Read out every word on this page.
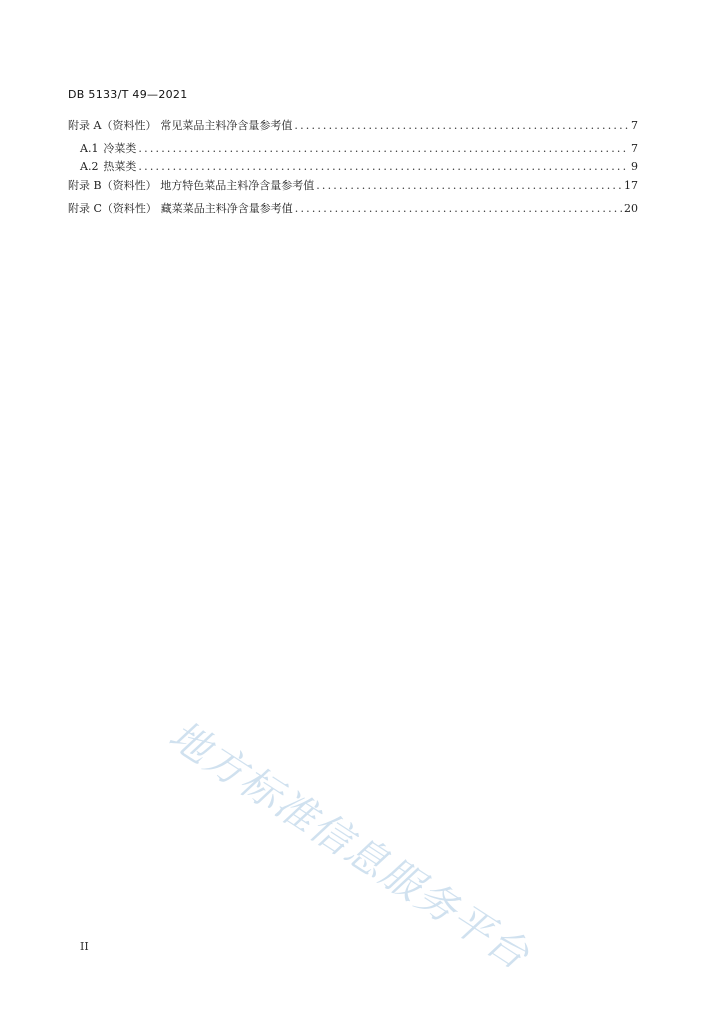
DB 5133/T 49—2021
附录 A（资料性） 常见菜品主料净含量参考值 .....	7
A.1 冷菜类 .....	7
A.2 热菜类 .....	9
附录 B（资料性） 地方特色菜品主料净含量参考值 .....	17
附录 C（资料性） 藏菜菜品主料净含量参考值 .....	20
地方标准信息服务平台
II
